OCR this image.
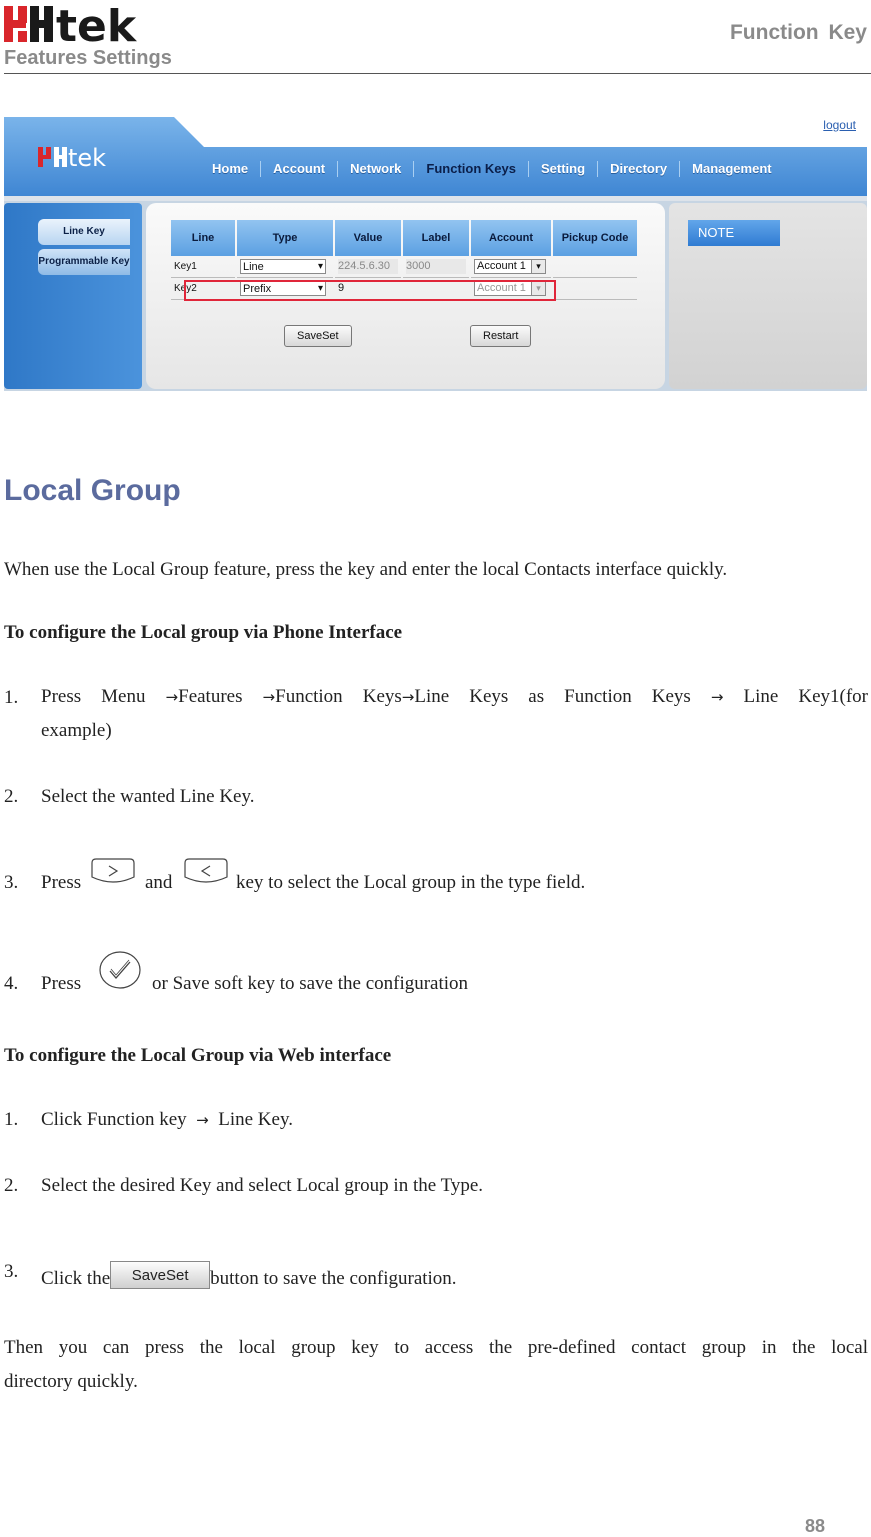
tek
Features Settings
Function Key
logout
tek	Home	Account	Network	Function Keys	Setting	Directory	Management
Line Key
Programmable Key
NOTE
Line	Type	Value	Label	Account	Pickup Code
Key1	Line ▾	224.5.6.30	3000	Account 1 ▾	

Key2	Prefix ▾	9		Account 1 ▾	

SaveSet	Restart
Local Group
When use the Local Group feature, press the key and enter the local Contacts interface quickly.
To configure the Local group via Phone Interface
1. Press Menu →Features →Function Keys→Line Keys as Function Keys → Line Key1(for
example)
2. Select the wanted Line Key.
3. Press	and	key to select the Local group in the type field.
4. Press	or Save soft key to save the configuration
To configure the Local Group via Web interface
1. Click Function key → Line Key.
2. Select the desired Key and select Local group in the Type.
3. Click the SaveSet button to save the configuration.
Then you can press the local group key to access the pre-defined contact group in the local
directory quickly.
88
